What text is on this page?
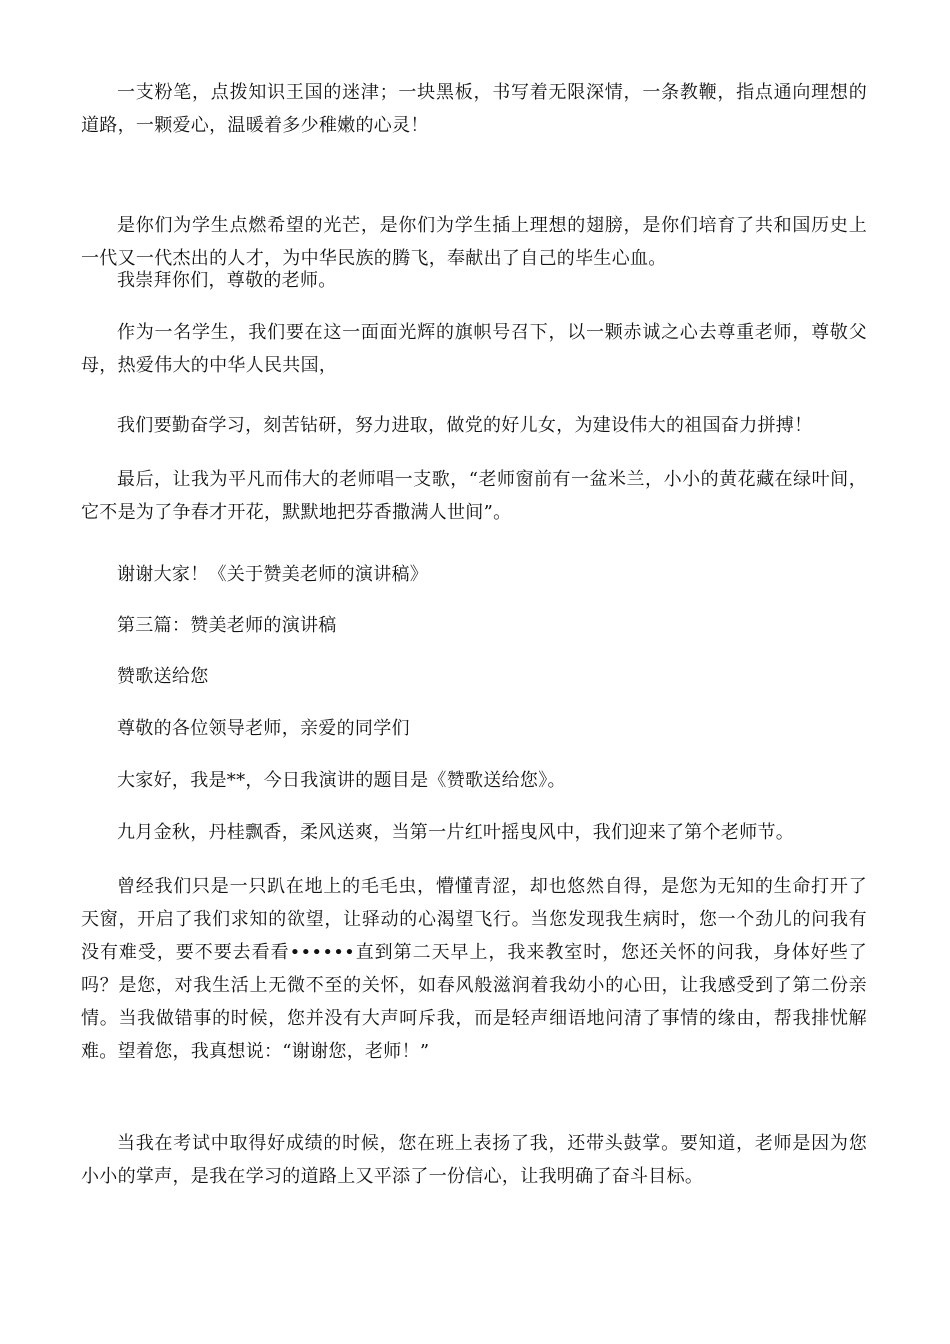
一支粉笔，点拨知识王国的迷津；一块黑板，书写着无限深情，一条教鞭，指点通向理想的道路，一颗爱心，温暖着多少稚嫩的心灵！

是你们为学生点燃希望的光芒，是你们为学生插上理想的翅膀，是你们培育了共和国历史上一代又一代杰出的人才，为中华民族的腾飞，奉献出了自己的毕生心血。

我崇拜你们，尊敬的老师。

作为一名学生，我们要在这一面面光辉的旗帜号召下，以一颗赤诚之心去尊重老师，尊敬父母，热爱伟大的中华人民共国，

我们要勤奋学习，刻苦钻研，努力进取，做党的好儿女，为建设伟大的祖国奋力拼搏！

最后，让我为平凡而伟大的老师唱一支歌，“老师窗前有一盆米兰，小小的黄花藏在绿叶间，它不是为了争春才开花，默默地把芬香撒满人世间”。

谢谢大家！《关于赞美老师的演讲稿》

第三篇：赞美老师的演讲稿

赞歌送给您

尊敬的各位领导老师，亲爱的同学们

大家好，我是**，今日我演讲的题目是《赞歌送给您》。

九月金秋，丹桂飘香，柔风送爽，当第一片红叶摇曳风中，我们迎来了第个老师节。

曾经我们只是一只趴在地上的毛毛虫，懵懂青涩，却也悠然自得，是您为无知的生命打开了天窗，开启了我们求知的欲望，让驿动的心渴望飞行。当您发现我生病时，您一个劲儿的问我有没有难受，要不要去看看••••••直到第二天早上，我来教室时，您还关怀的问我，身体好些了吗？是您，对我生活上无微不至的关怀，如春风般滋润着我幼小的心田，让我感受到了第二份亲情。当我做错事的时候，您并没有大声呵斥我，而是轻声细语地问清了事情的缘由，帮我排忧解难。望着您，我真想说：“谢谢您，老师！”

当我在考试中取得好成绩的时候，您在班上表扬了我，还带头鼓掌。要知道，老师是因为您小小的掌声，是我在学习的道路上又平添了一份信心，让我明确了奋斗目标。
